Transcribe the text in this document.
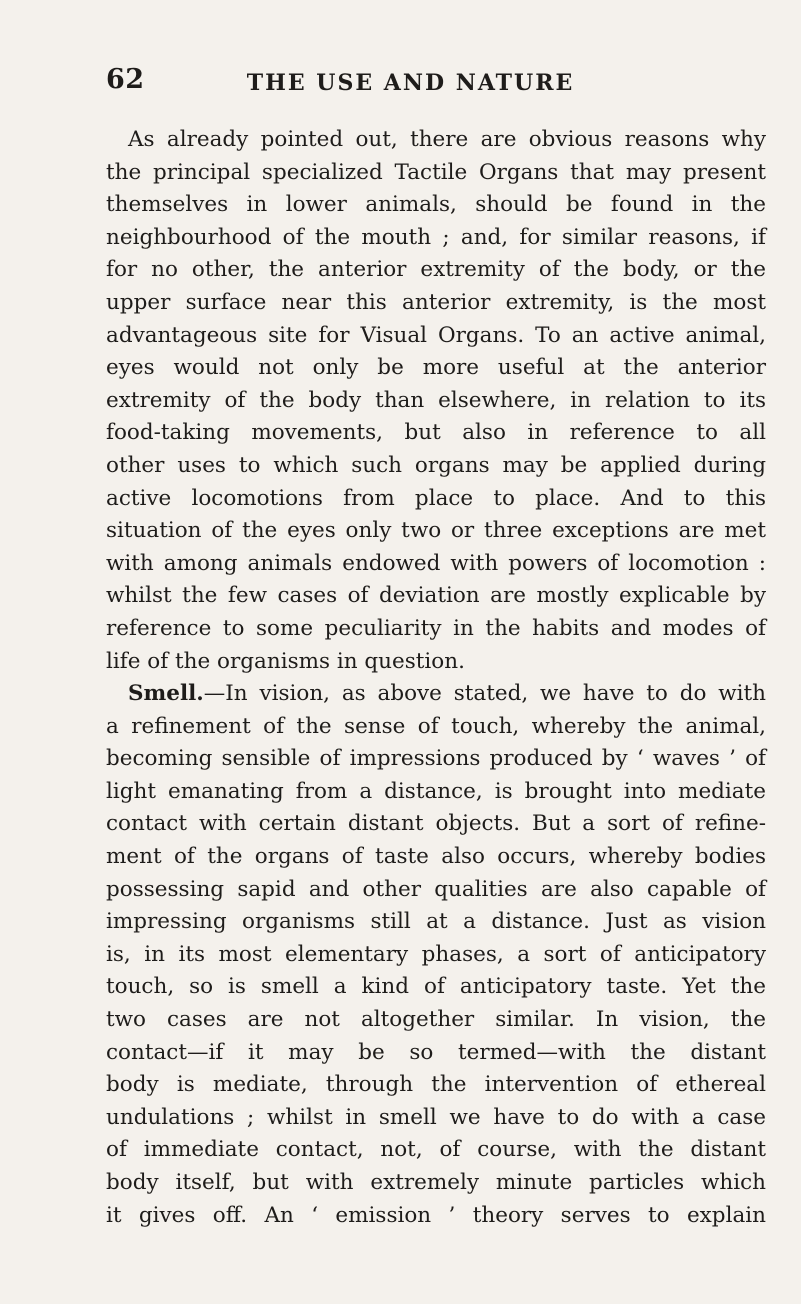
62	THE USE AND NATURE
As already pointed out, there are obvious reasons why
the principal specialized Tactile Organs that may present
themselves in lower animals, should be found in the
neighbourhood of the mouth ; and, for similar reasons, if
for no other, the anterior extremity of the body, or the
upper surface near this anterior extremity, is the most
advantageous site for Visual Organs. To an active animal,
eyes would not only be more useful at the anterior
extremity of the body than elsewhere, in relation to its
food-taking movements, but also in reference to all
other uses to which such organs may be applied during
active locomotions from place to place. And to this
situation of the eyes only two or three exceptions are met
with among animals endowed with powers of locomotion :
whilst the few cases of deviation are mostly explicable by
reference to some peculiarity in the habits and modes of
life of the organisms in question.
Smell.—In vision, as above stated, we have to do with
a refinement of the sense of touch, whereby the animal,
becoming sensible of impressions produced by ‘ waves ’ of
light emanating from a distance, is brought into mediate
contact with certain distant objects. But a sort of refine-
ment of the organs of taste also occurs, whereby bodies
possessing sapid and other qualities are also capable of
impressing organisms still at a distance. Just as vision
is, in its most elementary phases, a sort of anticipatory
touch, so is smell a kind of anticipatory taste. Yet the
two cases are not altogether similar. In vision, the
contact—if it may be so termed—with the distant
body is mediate, through the intervention of ethereal
undulations ; whilst in smell we have to do with a case
of immediate contact, not, of course, with the distant
body itself, but with extremely minute particles which
it gives off. An ‘ emission ’ theory serves to explain
